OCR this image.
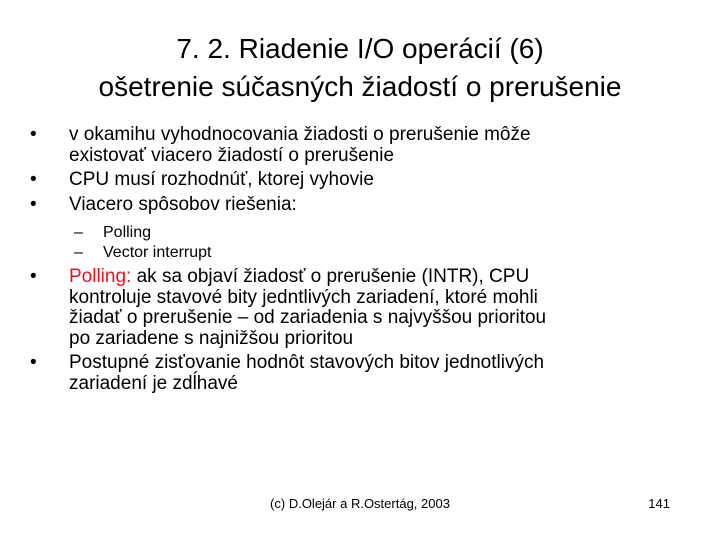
7. 2. Riadenie I/O operácií (6)
ošetrenie súčasných žiadostí o prerušenie
• v okamihu vyhodnocovania žiadosti o prerušenie môže
existovať viacero žiadostí o prerušenie
• CPU musí rozhodnúť, ktorej vyhovie
• Viacero spôsobov riešenia:
– Polling
– Vector interrupt
• Polling: ak sa objaví žiadosť o prerušenie (INTR), CPU
kontroluje stavové bity jedntlivých zariadení, ktoré mohli
žiadať o prerušenie – od zariadenia s najvyššou prioritou
po zariadene s najnižšou prioritou
• Postupné zisťovanie hodnôt stavových bitov jednotlivých
zariadení je zdĺhavé
(c) D.Olejár a R.Ostertág, 2003	141
